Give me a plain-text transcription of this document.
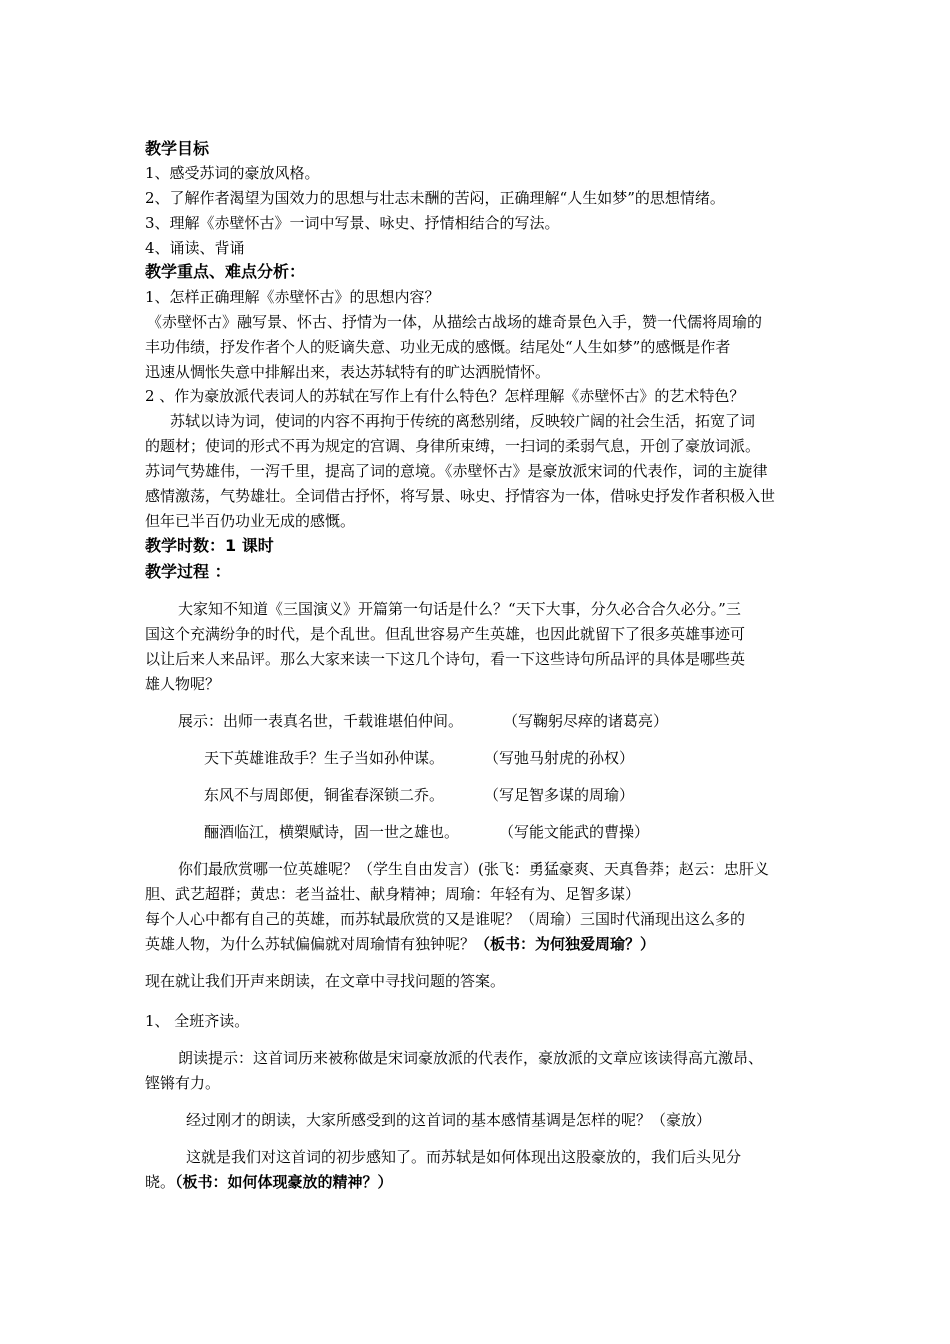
教学目标
1、感受苏词的豪放风格。
2、了解作者渴望为国效力的思想与壮志未酬的苦闷，正确理解“人生如梦”的思想情绪。
3、理解《赤壁怀古》一词中写景、咏史、抒情相结合的写法。
4、诵读、背诵
教学重点、难点分析：
1、怎样正确理解《赤壁怀古》的思想内容？
《赤壁怀古》融写景、怀古、抒情为一体，从描绘古战场的雄奇景色入手，赞一代儒将周瑜的
丰功伟绩，抒发作者个人的贬谪失意、功业无成的感慨。结尾处“人生如梦”的感慨是作者
迅速从惆怅失意中排解出来，表达苏轼特有的旷达洒脱情怀。
2 、作为豪放派代表词人的苏轼在写作上有什么特色？怎样理解《赤壁怀古》的艺术特色？
苏轼以诗为词，使词的内容不再拘于传统的离愁别绪，反映较广阔的社会生活，拓宽了词
的题材；使词的形式不再为规定的宫调、身律所束缚，一扫词的柔弱气息，开创了豪放词派。
苏词气势雄伟，一泻千里，提高了词的意境。《赤壁怀古》是豪放派宋词的代表作，词的主旋律
感情激荡，气势雄壮。全词借古抒怀，将写景、咏史、抒情容为一体，借咏史抒发作者积极入世
但年已半百仍功业无成的感慨。
教学时数：1 课时
教学过程 ：
大家知不知道《三国演义》开篇第一句话是什么？“天下大事，分久必合合久必分。”三
国这个充满纷争的时代，是个乱世。但乱世容易产生英雄，也因此就留下了很多英雄事迹可
以让后来人来品评。那么大家来读一下这几个诗句，看一下这些诗句所品评的具体是哪些英
雄人物呢？
展示：出师一表真名世，千载谁堪伯仲间。	（写鞠躬尽瘁的诸葛亮）
天下英雄谁敌手？生子当如孙仲谋。	（写弛马射虎的孙权）
东风不与周郎便，铜雀春深锁二乔。	（写足智多谋的周瑜）
酾酒临江，横槊赋诗，固一世之雄也。	（写能文能武的曹操）
你们最欣赏哪一位英雄呢？（学生自由发言）(张飞：勇猛豪爽、天真鲁莽；赵云：忠肝义
胆、武艺超群；黄忠：老当益壮、献身精神；周瑜：年轻有为、足智多谋）
每个人心中都有自己的英雄，而苏轼最欣赏的又是谁呢？（周瑜）三国时代涌现出这么多的
英雄人物，为什么苏轼偏偏就对周瑜情有独钟呢？（板书：为何独爱周瑜？）
现在就让我们开声来朗读，在文章中寻找问题的答案。
1、 全班齐读。
朗读提示：这首词历来被称做是宋词豪放派的代表作，豪放派的文章应该读得高亢激昂、
铿锵有力。
经过刚才的朗读，大家所感受到的这首词的基本感情基调是怎样的呢？（豪放）
这就是我们对这首词的初步感知了。而苏轼是如何体现出这股豪放的，我们后头见分
晓。（板书：如何体现豪放的精神？）
